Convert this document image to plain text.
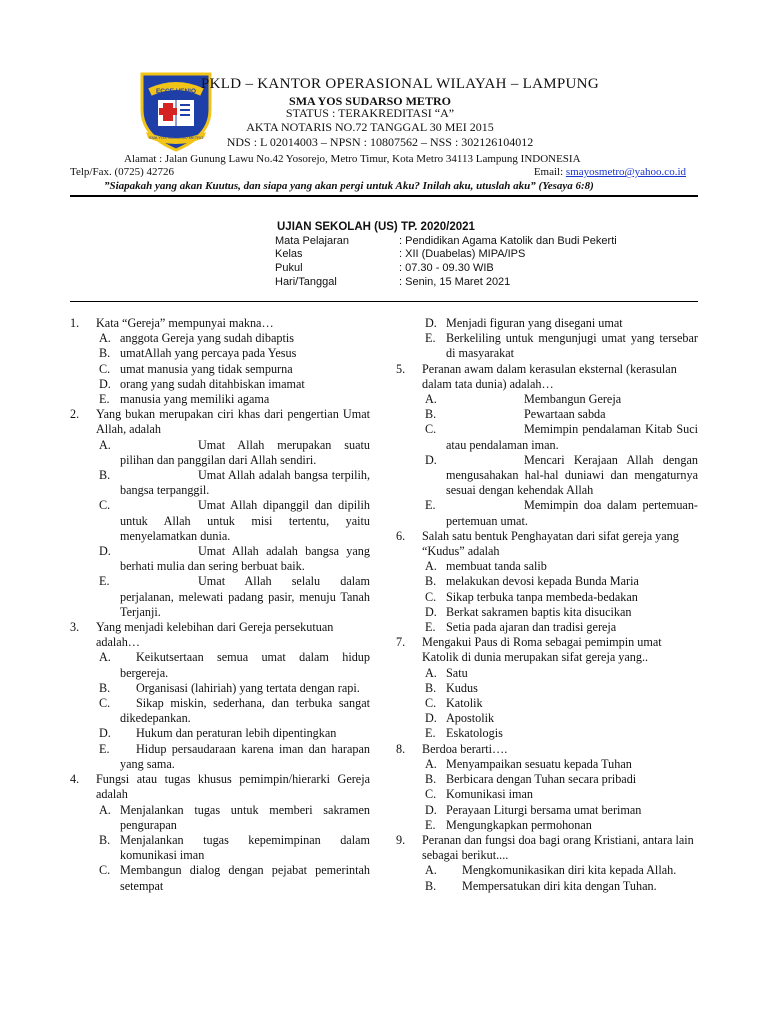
ECCE VENIO
SMA YOS SUDARSO METRO
PKLD – KANTOR OPERASIONAL WILAYAH – LAMPUNG
SMA YOS SUDARSO METRO
STATUS : TERAKREDITASI “A”
AKTA NOTARIS NO.72 TANGGAL 30 MEI 2015
NDS : L 02014003 – NPSN : 10807562 – NSS : 302126104012
Alamat : Jalan Gunung Lawu No.42 Yosorejo, Metro Timur, Kota Metro 34113 Lampung INDONESIA
Telp/Fax. (0725) 42726	Email: smayosmetro@yahoo.co.id
”Siapakah yang akan Kuutus, dan siapa yang akan pergi untuk Aku? Inilah aku, utuslah aku” (Yesaya 6:8)
UJIAN SEKOLAH (US) TP. 2020/2021
Mata Pelajaran	: Pendidikan Agama Katolik dan Budi Pekerti
Kelas	: XII (Duabelas) MIPA/IPS
Pukul	: 07.30 - 09.30 WIB
Hari/Tanggal	: Senin, 15 Maret 2021
1. Kata “Gereja” mempunyai makna…
A. anggota Gereja yang sudah dibaptis
B. umatAllah yang percaya pada Yesus
C. umat manusia yang tidak sempurna
D. orang yang sudah ditahbiskan imamat
E. manusia yang memiliki agama
2. Yang bukan merupakan ciri khas dari pengertian Umat Allah, adalah
A.	Umat Allah merupakan suatu pilihan dan panggilan dari Allah sendiri.
B.	Umat Allah adalah bangsa terpilih, bangsa terpanggil.
C.	Umat Allah dipanggil dan dipilih untuk Allah untuk misi tertentu, yaitu menyelamatkan dunia.
D.	Umat Allah adalah bangsa yang berhati mulia dan sering berbuat baik.
E.	Umat Allah selalu dalam perjalanan, melewati padang pasir, menuju Tanah Terjanji.
3. Yang menjadi kelebihan dari Gereja persekutuan adalah…
A.	Keikutsertaan semua umat dalam hidup bergereja.
B.	Organisasi (lahiriah) yang tertata dengan rapi.
C.	Sikap miskin, sederhana, dan terbuka sangat dikedepankan.
D.	Hukum dan peraturan lebih dipentingkan
E.	Hidup persaudaraan karena iman dan harapan yang sama.
4. Fungsi atau tugas khusus pemimpin/hierarki Gereja adalah
A. Menjalankan tugas untuk memberi sakramen pengurapan
B. Menjalankan tugas kepemimpinan dalam komunikasi iman
C. Membangun dialog dengan pejabat pemerintah setempat
D. Menjadi figuran yang disegani umat
E. Berkeliling untuk mengunjugi umat yang tersebar di masyarakat
5. Peranan awam dalam kerasulan eksternal (kerasulan dalam tata dunia) adalah…
A.	Membangun Gereja
B.	Pewartaan sabda
C.	Memimpin pendalaman Kitab Suci atau pendalaman iman.
D.	Mencari Kerajaan Allah dengan mengusahakan hal-hal duniawi dan mengaturnya sesuai dengan kehendak Allah
E.	Memimpin doa dalam pertemuan-pertemuan umat.
6. Salah satu bentuk Penghayatan dari sifat gereja yang “Kudus” adalah
A. membuat tanda salib
B. melakukan devosi kepada Bunda Maria
C. Sikap terbuka tanpa membeda-bedakan
D. Berkat sakramen baptis kita disucikan
E. Setia pada ajaran dan tradisi gereja
7. Mengakui Paus di Roma sebagai pemimpin umat Katolik di dunia merupakan sifat gereja yang..
A. Satu
B. Kudus
C. Katolik
D. Apostolik
E. Eskatologis
8. Berdoa berarti….
A. Menyampaikan sesuatu kepada Tuhan
B. Berbicara dengan Tuhan secara pribadi
C. Komunikasi iman
D. Perayaan Liturgi bersama umat beriman
E. Mengungkapkan permohonan
9. Peranan dan fungsi doa bagi orang Kristiani, antara lain sebagai berikut....
A.	Mengkomunikasikan diri kita kepada Allah.
B.	Mempersatukan diri kita dengan Tuhan.
